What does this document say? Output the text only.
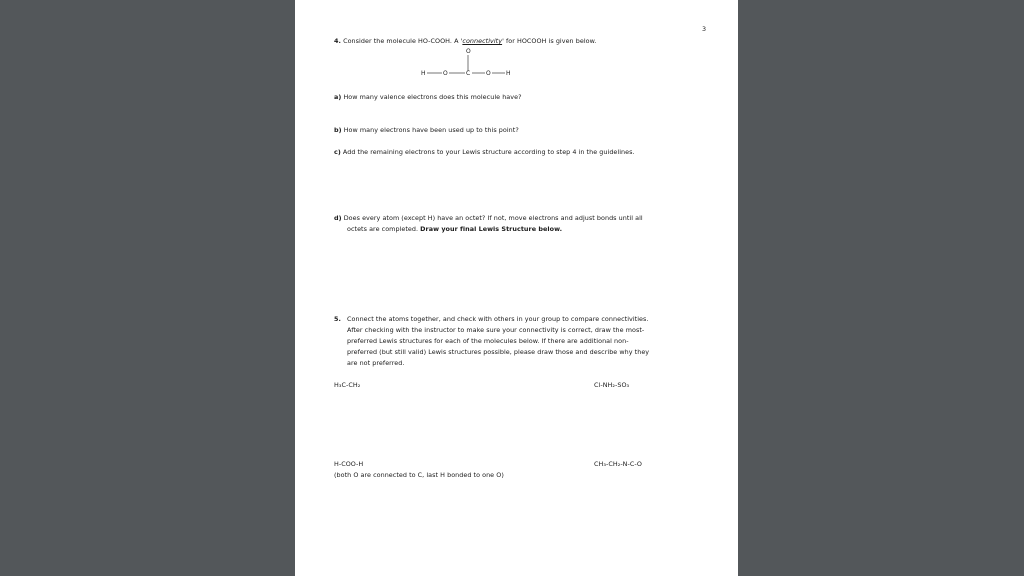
3
4. Consider the molecule HO-COOH. A 'connectivity' for HOCOOH is given below.
O
H	O	C	O	H
a) How many valence electrons does this molecule have?
b) How many electrons have been used up to this point?
c) Add the remaining electrons to your Lewis structure according to step 4 in the guidelines.
d) Does every atom (except H) have an octet? If not, move electrons and adjust bonds until all
octets are completed. Draw your final Lewis Structure below.
5. Connect the atoms together, and check with others in your group to compare connectivities.
After checking with the instructor to make sure your connectivity is correct, draw the most-
preferred Lewis structures for each of the molecules below. If there are additional non-
preferred (but still valid) Lewis structures possible, please draw those and describe why they
are not preferred.
H₃C-CH₂	Cl-NH₂-SO₃
H-COO-H
(both O are connected to C, last H bonded to one O)
CH₃-CH₂-N-C-O
